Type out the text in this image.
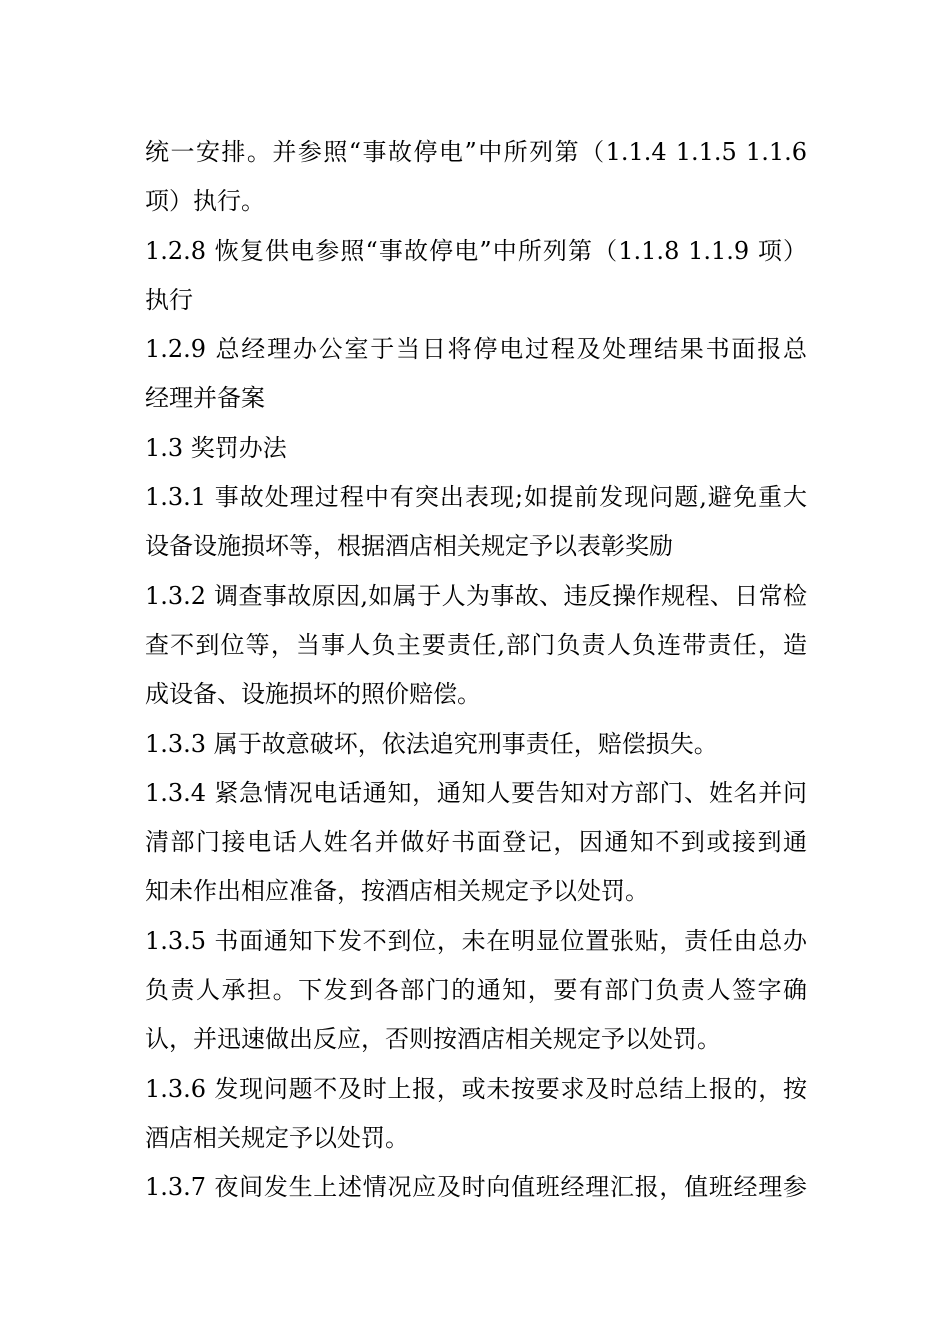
统一安排。并参照“事故停电”中所列第（1.1.4 1.1.5 1.1.6
项）执行。
1.2.8 恢复供电参照“事故停电”中所列第（1.1.8 1.1.9 项）
执行
1.2.9 总经理办公室于当日将停电过程及处理结果书面报总
经理并备案
1.3 奖罚办法
1.3.1 事故处理过程中有突出表现;如提前发现问题,避免重大
设备设施损坏等，根据酒店相关规定予以表彰奖励
1.3.2 调查事故原因,如属于人为事故、违反操作规程、日常检
查不到位等，当事人负主要责任,部门负责人负连带责任，造
成设备、设施损坏的照价赔偿。
1.3.3 属于故意破坏，依法追究刑事责任，赔偿损失。
1.3.4 紧急情况电话通知，通知人要告知对方部门、姓名并问
清部门接电话人姓名并做好书面登记，因通知不到或接到通
知未作出相应准备，按酒店相关规定予以处罚。
1.3.5 书面通知下发不到位，未在明显位置张贴，责任由总办
负责人承担。下发到各部门的通知，要有部门负责人签字确
认，并迅速做出反应，否则按酒店相关规定予以处罚。
1.3.6 发现问题不及时上报，或未按要求及时总结上报的，按
酒店相关规定予以处罚。
1.3.7 夜间发生上述情况应及时向值班经理汇报，值班经理参
